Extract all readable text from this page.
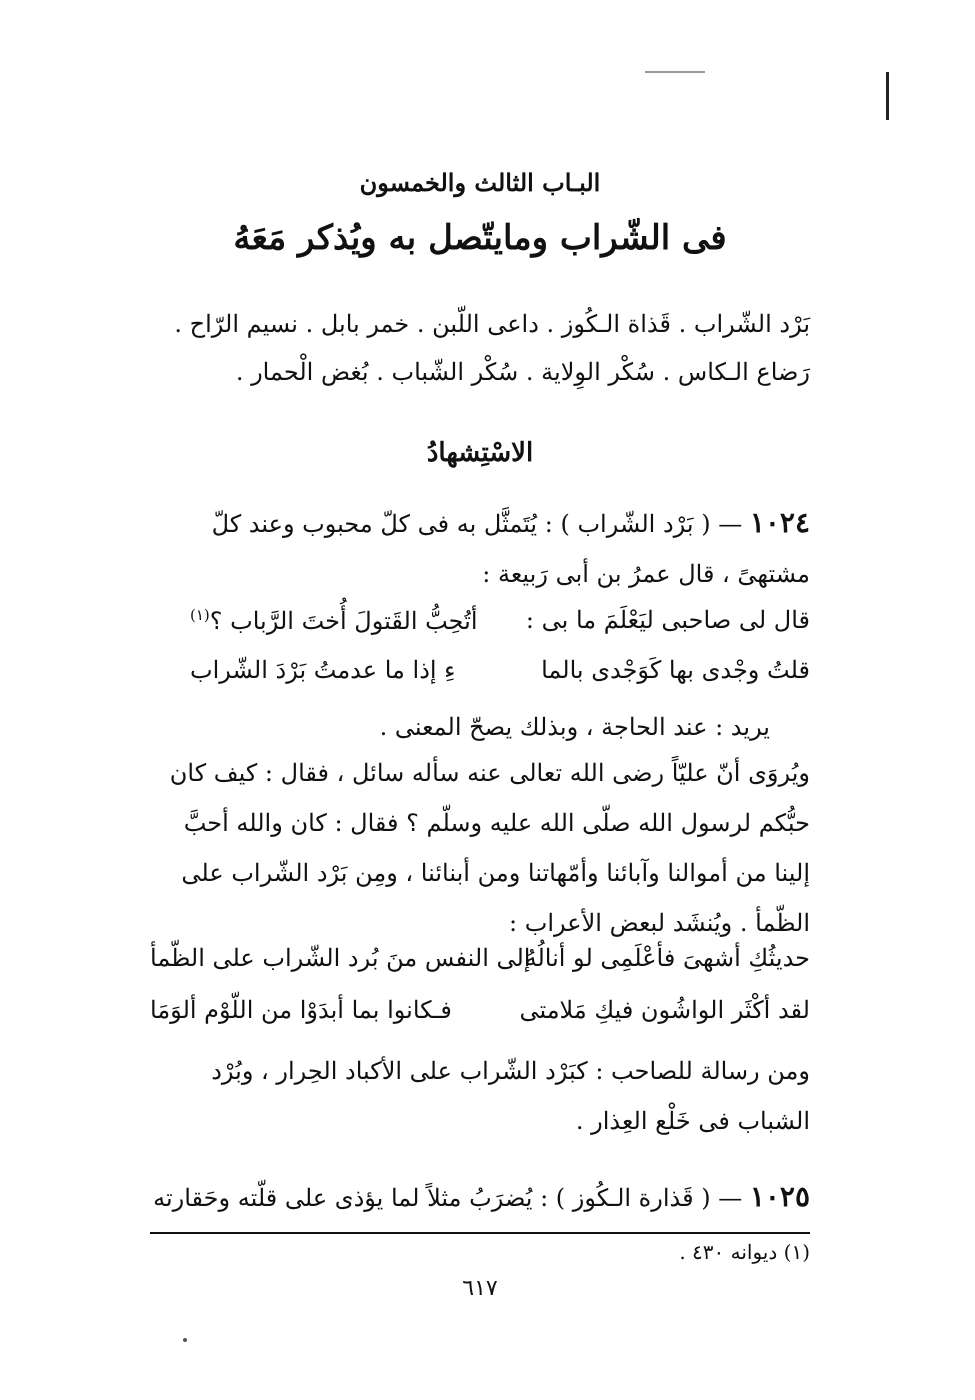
البـاب الثالث والخمسون
فى الشّراب ومايتّصل به ويُذكر مَعَهُ
بَرْد الشّراب . قَذاة الـكُوز . داعى اللّبن . خمر بابل . نسيم الرّاح .
رَضاع الـكاس . سُكْر الوِلاية . سُكْر الشّباب . بُغض الْحمار .
الاسْتِشهادُ
١٠٢٤ — ( بَرْد الشّراب ) : يُتَمثَّل به فى كلّ محبوب وعند كلّ مشتهىً ، قال عمرُ بن أبى رَبيعة :
قال لى صاحبى ليَعْلَمَ ما بى :
أتُحِبُّ القَتولَ أُختَ الرَّباب ؟$^{(١)}$
قلتُ وجْدى بها كَوَجْدى بالما
ءِ إذا ما عدمتُ بَرْدَ الشّراب
يريد : عند الحاجة ، وبذلك يصحّ المعنى .
ويُروَى أنّ عليّاً رضى الله تعالى عنه سأله سائل ، فقال : كيف كان حبُّكم لرسول الله صلّى الله عليه وسلّم ؟ فقال : كان والله أحبَّ إلينا من أموالنا وآبائنا وأمّهاتنا ومن أبنائنا ، ومِن بَرْد الشّراب على الظّمأ . ويُنشَد لبعض الأعراب :
حديثُكِ أشهىَ فأعْلَمِى لو أنالُهُ
إلى النفس منَ بُرد الشّراب على الظّمأ
لقد أكْثَر الواشُون فيكِ مَلامتى
فـكانوا بما أبدَوْا من اللّوْم ألوَمَا
ومن رسالة للصاحب : كبَرْد الشّراب على الأكباد الحِرار ، وبُرْد الشباب فى خَلْع العِذار .
١٠٢٥ — ( قَذارة الـكُوز ) : يُضرَبُ مثلاً لما يؤذى على قلّته وحَقارته
(١) ديوانه ٤٣٠ .
٦١٧
